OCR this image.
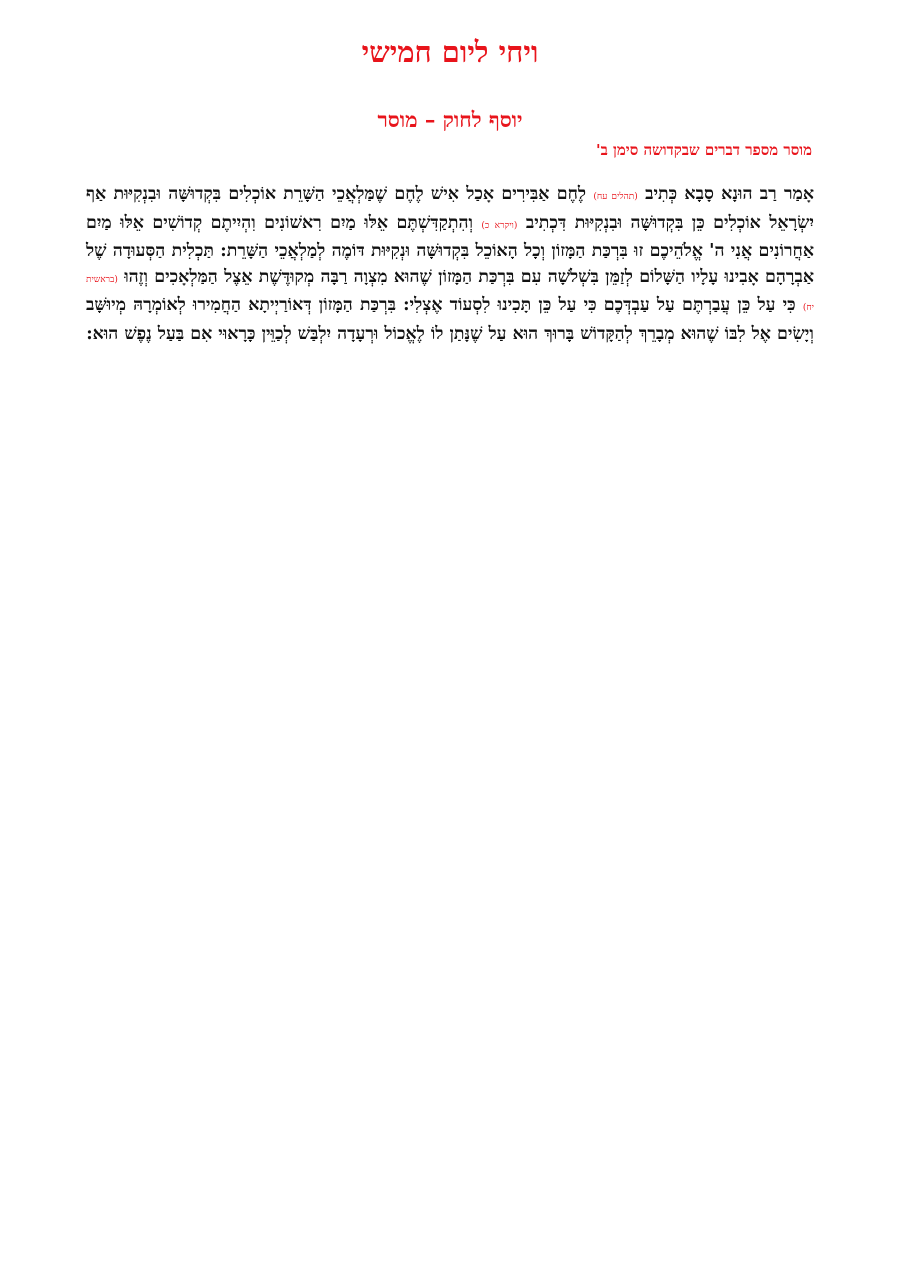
ויחי ליום חמישי
יוסף לחוק – מוסר
מוסר מספר דברים שבקדושה סימן ב'

אָמַר רַב הוּנָא סָבָא כְּתִיב (תהלים עח) לֶחֶם אַבִּירִים אָכַל אִישׁ לֶחֶם שֶׁמַּלְאֲכֵי הַשָּׁרֵת אוֹכְלִים בִּקְדוּשָּׁה וּבִנְקִיּוּת אַף יִשְׂרָאֵל אוֹכְלִים כֵּן בִּקְדוּשָּׁה וּבִנְקִיּוּת דִּכְתִיב (ויקרא כ) וְהִתְקַדִּשְׁתֶּם אֵלּוּ מַיִם רִאשׁוֹנִים וִהְיִיתֶם קְדוֹשִׁים אֵלּוּ מַיִם אַחֲרוֹנִים אֲנִי ה' אֱלֹהֵיכֶם זוּ בִּרְכַּת הַמָּזוֹן וְכָל הָאוֹכֵל בִּקְדוּשָּׁה וּנְקִיּוּת דּוֹמֶה לְמַלְאֲכֵי הַשָּׁרֵת: תַּכְלִית הַסְּעוּדָה שֶׁל אַבְרָהָם אָבִינוּ עָלָיו הַשָּׁלוֹם לְזַמֵּן בִּשְׁלֹשָׁה עִם בִּרְכַּת הַמָּזוֹן שֶׁהוּא מִצְוָה רַבָּה מְקוּדֶּשֶׁת אֵצֶל הַמַּלְאָכִים וְזֶהוּ (בראשית יח) כִּי עַל כֵּן עֲבַרְתֶּם עַל עַבְדְּכֶם כִּי עַל כֵּן תָּכִינוּ לִסְעוֹד אֶצְלִי: בִּרְכַּת הַמָּזוֹן דְּאוֹרַיְיתָא הַחֲמִירוּ לְאוֹמְרָהּ מְיוּשָּׁב וְיָשִׂים אֶל לִבּוֹ שֶׁהוּא מְבָרֵךְ לְהַקָּדוֹשׁ בָּרוּךְ הוּא עַל שֶׁנָּתַן לוֹ לֶאֱכוֹל וּרְעָדָה יִלְבַּשׁ לְכַוֵּין כָּרָאוּי אִם בַּעַל נֶפֶשׁ הוּא:
